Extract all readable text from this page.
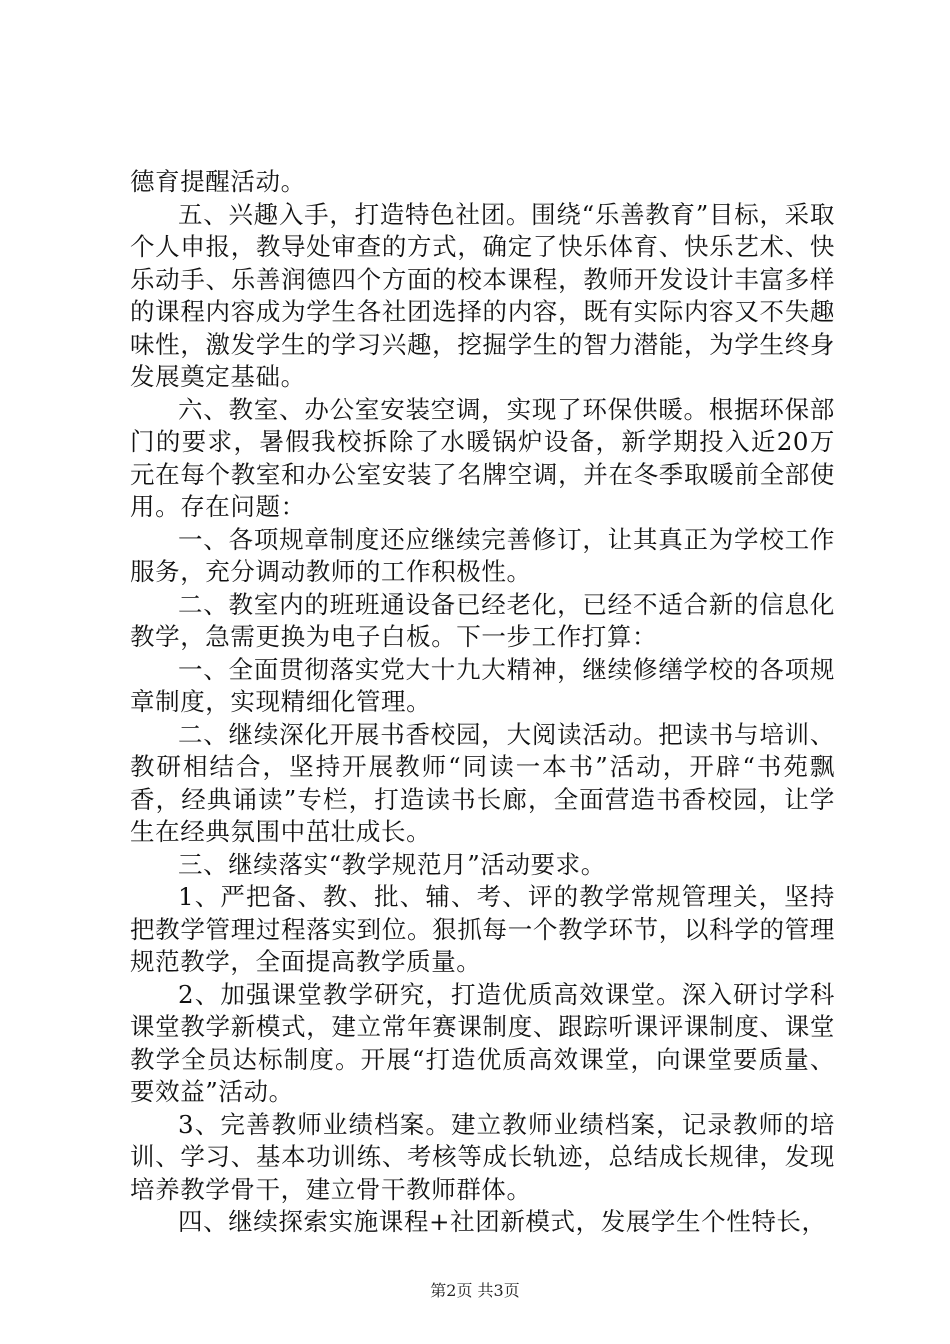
德育提醒活动。

五、兴趣入手，打造特色社团。围绕“乐善教育”目标，采取个人申报，教导处审查的方式，确定了快乐体育、快乐艺术、快乐动手、乐善润德四个方面的校本课程，教师开发设计丰富多样的课程内容成为学生各社团选择的内容，既有实际内容又不失趣味性，激发学生的学习兴趣，挖掘学生的智力潜能，为学生终身发展奠定基础。

六、教室、办公室安装空调，实现了环保供暖。根据环保部门的要求，暑假我校拆除了水暖锅炉设备，新学期投入近20万元在每个教室和办公室安装了名牌空调，并在冬季取暖前全部使用。存在问题：

一、各项规章制度还应继续完善修订，让其真正为学校工作服务，充分调动教师的工作积极性。

二、教室内的班班通设备已经老化，已经不适合新的信息化教学，急需更换为电子白板。下一步工作打算：

一、全面贯彻落实党大十九大精神，继续修缮学校的各项规章制度，实现精细化管理。

二、继续深化开展书香校园，大阅读活动。把读书与培训、教研相结合，坚持开展教师“同读一本书”活动，开辟“书苑飘香，经典诵读”专栏，打造读书长廊，全面营造书香校园，让学生在经典氛围中茁壮成长。

三、继续落实“教学规范月”活动要求。

1、严把备、教、批、辅、考、评的教学常规管理关，坚持把教学管理过程落实到位。狠抓每一个教学环节，以科学的管理规范教学，全面提高教学质量。

2、加强课堂教学研究，打造优质高效课堂。深入研讨学科课堂教学新模式，建立常年赛课制度、跟踪听课评课制度、课堂教学全员达标制度。开展“打造优质高效课堂，向课堂要质量、要效益”活动。

3、完善教师业绩档案。建立教师业绩档案，记录教师的培训、学习、基本功训练、考核等成长轨迹，总结成长规律，发现培养教学骨干，建立骨干教师群体。

四、继续探索实施课程+社团新模式，发展学生个性特长，

第2页 共3页
